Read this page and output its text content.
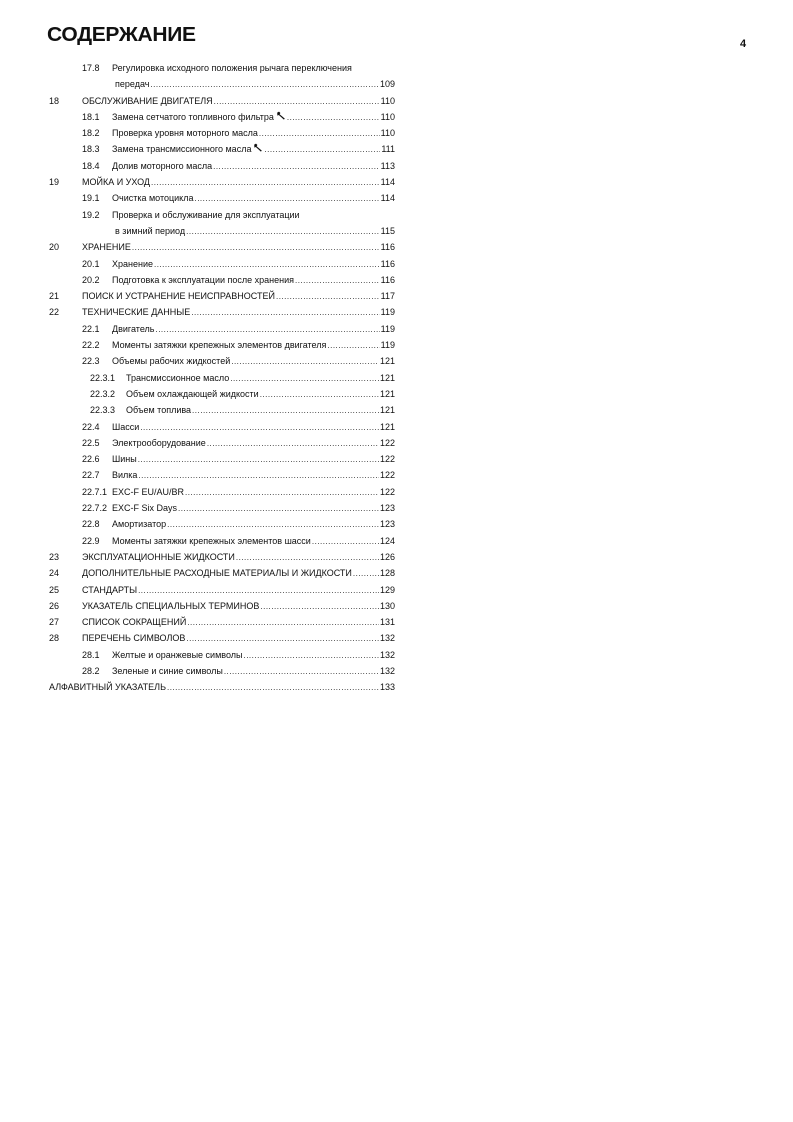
СОДЕРЖАНИЕ	4
17.8 Регулировка исходного положения рычага переключения
передач .....	109
18	ОБСЛУЖИВАНИЕ ДВИГАТЕЛЯ .....	110
18.1 Замена сетчатого топливного фильтра .....	110
18.2 Проверка уровня моторного масла .....	110
18.3 Замена трансмиссионного масла .....	111
18.4 Долив моторного масла .....	113
19	МОЙКА И УХОД .....	114
19.1 Очистка мотоцикла .....	114
19.2 Проверка и обслуживание для эксплуатации
в зимний период .....	115
20	ХРАНЕНИЕ .....	116
20.1 Хранение .....	116
20.2 Подготовка к эксплуатации после хранения .....	116
21	ПОИСК И УСТРАНЕНИЕ НЕИСПРАВНОСТЕЙ .....	117
22	ТЕХНИЧЕСКИЕ ДАННЫЕ .....	119
22.1 Двигатель .....	119
22.2 Моменты затяжки крепежных элементов двигателя .....	119
22.3 Объемы рабочих жидкостей .....	121
22.3.1 Трансмиссионное масло .....	121
22.3.2 Объем охлаждающей жидкости .....	121
22.3.3 Объем топлива .....	121
22.4 Шасси .....	121
22.5 Электрооборудование .....	122
22.6 Шины .....	122
22.7 Вилка .....	122
22.7.1 EXC-F EU/AU/BR .....	122
22.7.2 EXC-F Six Days .....	123
22.8 Амортизатор .....	123
22.9 Моменты затяжки крепежных элементов шасси .....	124
23	ЭКСПЛУАТАЦИОННЫЕ ЖИДКОСТИ .....	126
24	ДОПОЛНИТЕЛЬНЫЕ РАСХОДНЫЕ МАТЕРИАЛЫ И ЖИДКОСТИ .....	128
25	СТАНДАРТЫ .....	129
26	УКАЗАТЕЛЬ СПЕЦИАЛЬНЫХ ТЕРМИНОВ .....	130
27	СПИСОК СОКРАЩЕНИЙ .....	131
28	ПЕРЕЧЕНЬ СИМВОЛОВ .....	132
28.1 Желтые и оранжевые символы .....	132
28.2 Зеленые и синие символы .....	132
АЛФАВИТНЫЙ УКАЗАТЕЛЬ .....	133
